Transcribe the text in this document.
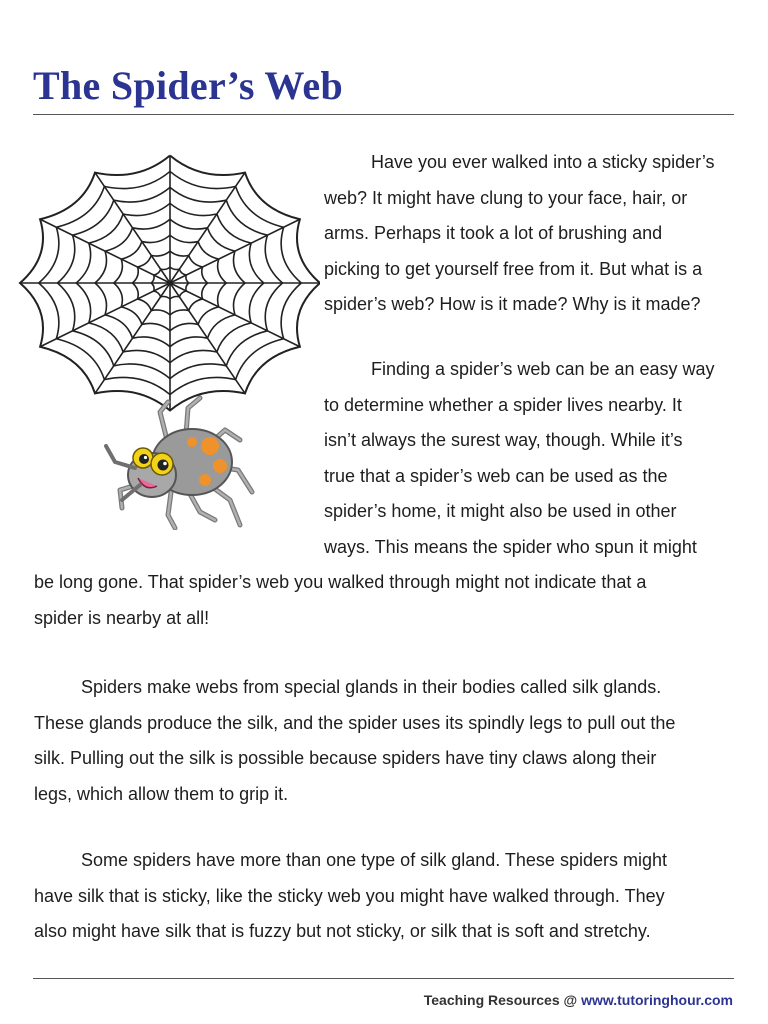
The Spider’s Web
Have you ever walked into a sticky spider’s
web? It might have clung to your face, hair, or
arms. Perhaps it took a lot of brushing and
picking to get yourself free from it. But what is a
spider’s web? How is it made? Why is it made?
Finding a spider’s web can be an easy way
to determine whether a spider lives nearby. It
isn’t always the surest way, though. While it’s
true that a spider’s web can be used as the
spider’s home, it might also be used in other
ways. This means the spider who spun it might
be long gone. That spider’s web you walked through might not indicate that a
spider is nearby at all!
Spiders make webs from special glands in their bodies called silk glands.
These glands produce the silk, and the spider uses its spindly legs to pull out the
silk. Pulling out the silk is possible because spiders have tiny claws along their
legs, which allow them to grip it.
Some spiders have more than one type of silk gland. These spiders might
have silk that is sticky, like the sticky web you might have walked through. They
also might have silk that is fuzzy but not sticky, or silk that is soft and stretchy.
Teaching Resources @ www.tutoringhour.com
